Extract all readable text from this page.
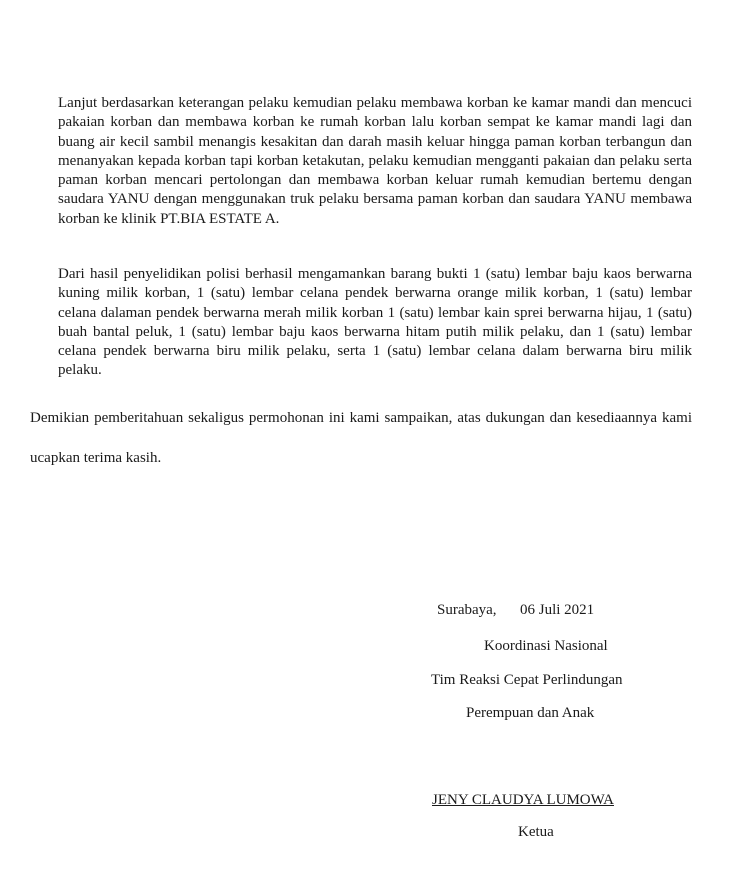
Lanjut berdasarkan keterangan pelaku kemudian pelaku membawa korban ke kamar mandi dan mencuci pakaian korban dan membawa korban ke rumah korban lalu korban sempat ke kamar mandi lagi dan buang air kecil sambil menangis kesakitan dan darah masih keluar hingga paman korban terbangun dan menanyakan kepada korban tapi korban ketakutan, pelaku kemudian mengganti pakaian dan pelaku serta paman korban mencari pertolongan dan membawa korban keluar rumah kemudian bertemu dengan saudara YANU dengan menggunakan truk pelaku bersama paman korban dan saudara YANU membawa korban ke klinik PT.BIA ESTATE A.

Dari hasil penyelidikan polisi berhasil mengamankan barang bukti 1 (satu) lembar baju kaos berwarna kuning milik korban, 1 (satu) lembar celana pendek berwarna orange milik korban, 1 (satu) lembar celana dalaman pendek berwarna merah milik korban 1 (satu) lembar kain sprei berwarna hijau, 1 (satu) buah bantal peluk, 1 (satu) lembar baju kaos berwarna hitam putih milik pelaku, dan 1 (satu) lembar celana pendek berwarna biru milik pelaku, serta 1 (satu) lembar celana dalam berwarna biru milik pelaku.

Demikian pemberitahuan sekaligus permohonan ini kami sampaikan, atas dukungan dan kesediaannya kami ucapkan terima kasih.

Surabaya, 06 Juli 2021

Koordinasi Nasional

Tim Reaksi Cepat Perlindungan

Perempuan dan Anak

JENY CLAUDYA LUMOWA

Ketua
